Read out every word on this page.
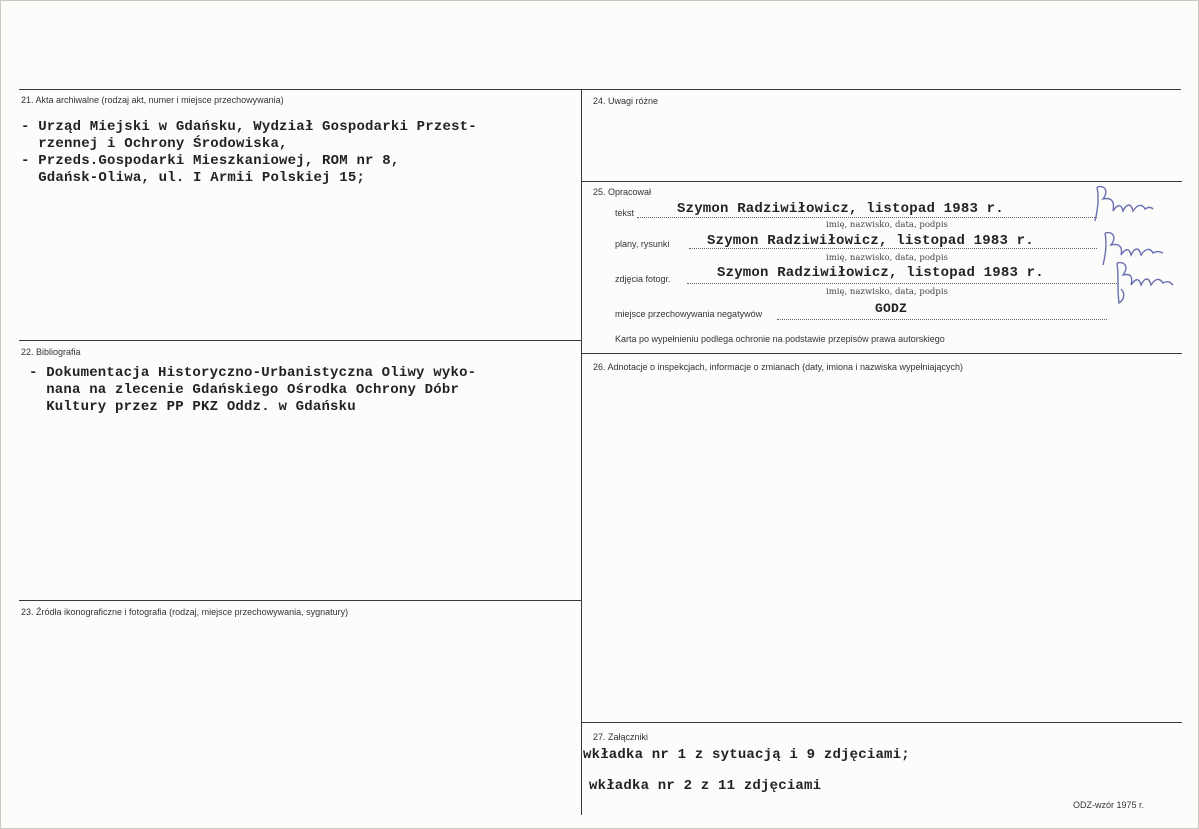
21. Akta archiwalne (rodzaj akt, numer i miejsce przechowywania)
- Urząd Miejski w Gdańsku, Wydział Gospodarki Przest-
rzennej i Ochrony Środowiska,
- Przeds.Gospodarki Mieszkaniowej, ROM nr 8,
Gdańsk-Oliwa, ul. I Armii Polskiej 15;
22. Bibliografia
- Dokumentacja Historyczno-Urbanistyczna Oliwy wyko-
nana na zlecenie Gdańskiego Ośrodka Ochrony Dóbr
Kultury przez PP PKZ Oddz. w Gdańsku
23. Źródła ikonograficzne i fotografia (rodzaj, miejsce przechowywania, sygnatury)
24. Uwagi różne
25. Opracował
tekst	Szymon Radziwiłowicz, listopad 1983 r.
imię, nazwisko, data, podpis
plany, rysunki	Szymon Radziwiłowicz, listopad 1983 r.
imię, nazwisko, data, podpis
zdjęcia fotogr.	Szymon Radziwiłowicz, listopad 1983 r.
imię, nazwisko, data, podpis
miejsce przechowywania negatywów	GODZ
Karta po wypełnieniu podlega ochronie na podstawie przepisów prawa autorskiego
26. Adnotacje o inspekcjach, informacje o zmianach (daty, imiona i nazwiska wypełniających)
27. Załączniki
wkładka nr 1 z sytuacją i 9 zdjęciami;
wkładka nr 2 z 11 zdjęciami
ODZ-wzór 1975 r.
